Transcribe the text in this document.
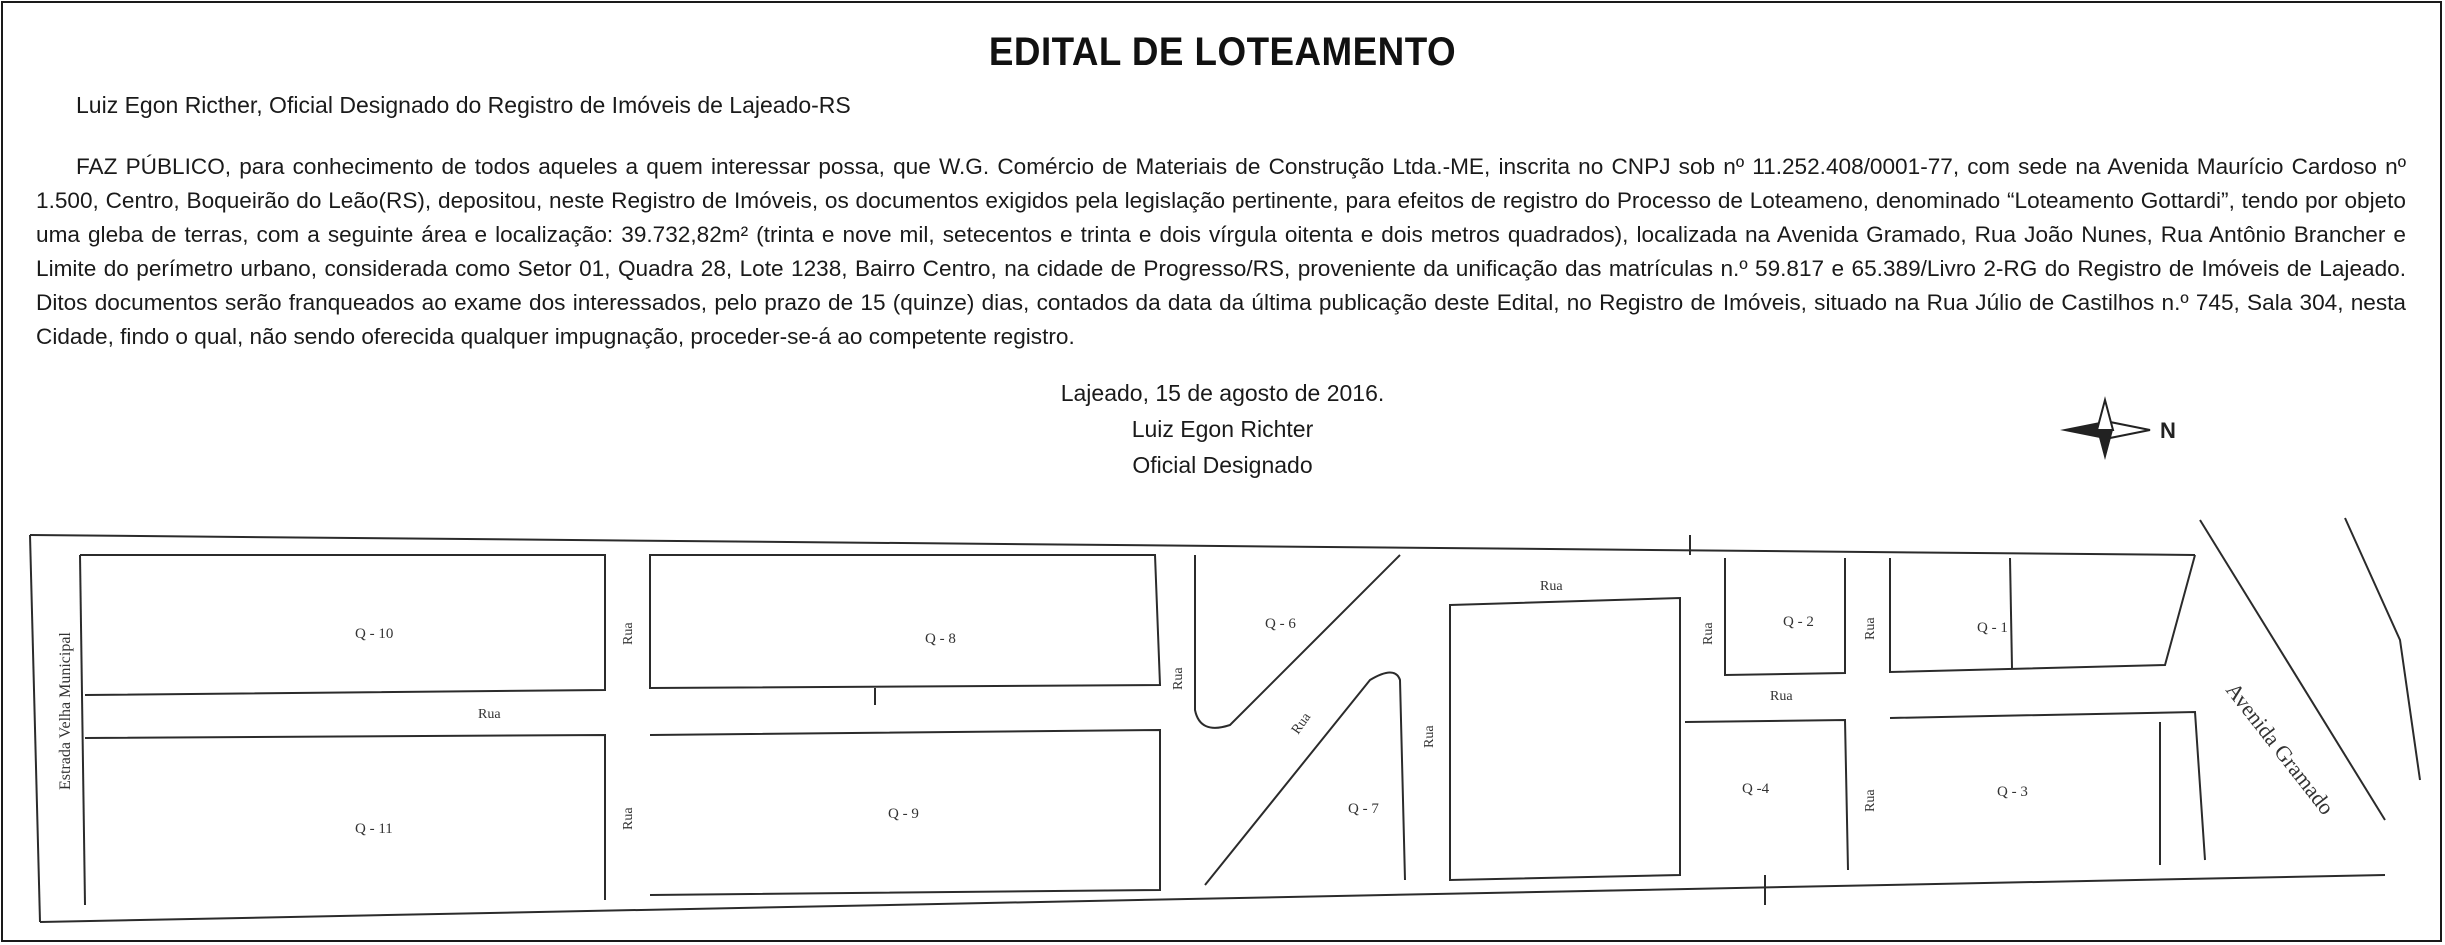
EDITAL DE LOTEAMENTO
Luiz Egon Ricther, Oficial Designado do Registro de Imóveis de Lajeado-RS
FAZ PÚBLICO, para conhecimento de todos aqueles a quem interessar possa, que W.G. Comércio de Materiais de Construção Ltda.-ME, inscrita no CNPJ sob nº 11.252.408/0001-77, com sede na Avenida Maurício Cardoso nº 1.500, Centro, Boqueirão do Leão(RS), depositou, neste Registro de Imóveis, os documentos exigidos pela legislação pertinente, para efeitos de registro do Processo de Loteameno, denominado “Loteamento Gottardi”, tendo por objeto uma gleba de terras, com a seguinte área e localização: 39.732,82m² (trinta e nove mil, setecentos e trinta e dois vírgula oitenta e dois metros quadrados), localizada na Avenida Gramado, Rua João Nunes, Rua Antônio Brancher e Limite do perímetro urbano, considerada como Setor 01, Quadra 28, Lote 1238, Bairro Centro, na cidade de Progresso/RS, proveniente da unificação das matrículas n.º 59.817 e 65.389/Livro 2-RG do Registro de Imóveis de Lajeado. Ditos documentos serão franqueados ao exame dos interessados, pelo prazo de 15 (quinze) dias, contados da data da última publicação deste Edital, no Registro de Imóveis, situado na Rua Júlio de Castilhos n.º 745, Sala 304, nesta Cidade, findo o qual, não sendo oferecida qualquer impugnação, proceder-se-á ao competente registro.
Lajeado, 15 de agosto de 2016.
Luiz Egon Richter
Oficial Designado
N
Estrada Velha Municipal	Avenida Gramado
Rua
Rua
Rua
Rua
Rua
Rua
Rua	Rua
Rua	Rua
Rua
Q - 10
Q - 11
Q - 8
Q - 9
Q - 6
Q - 7
Q - 2	Q - 1
Q -4	Q - 3
